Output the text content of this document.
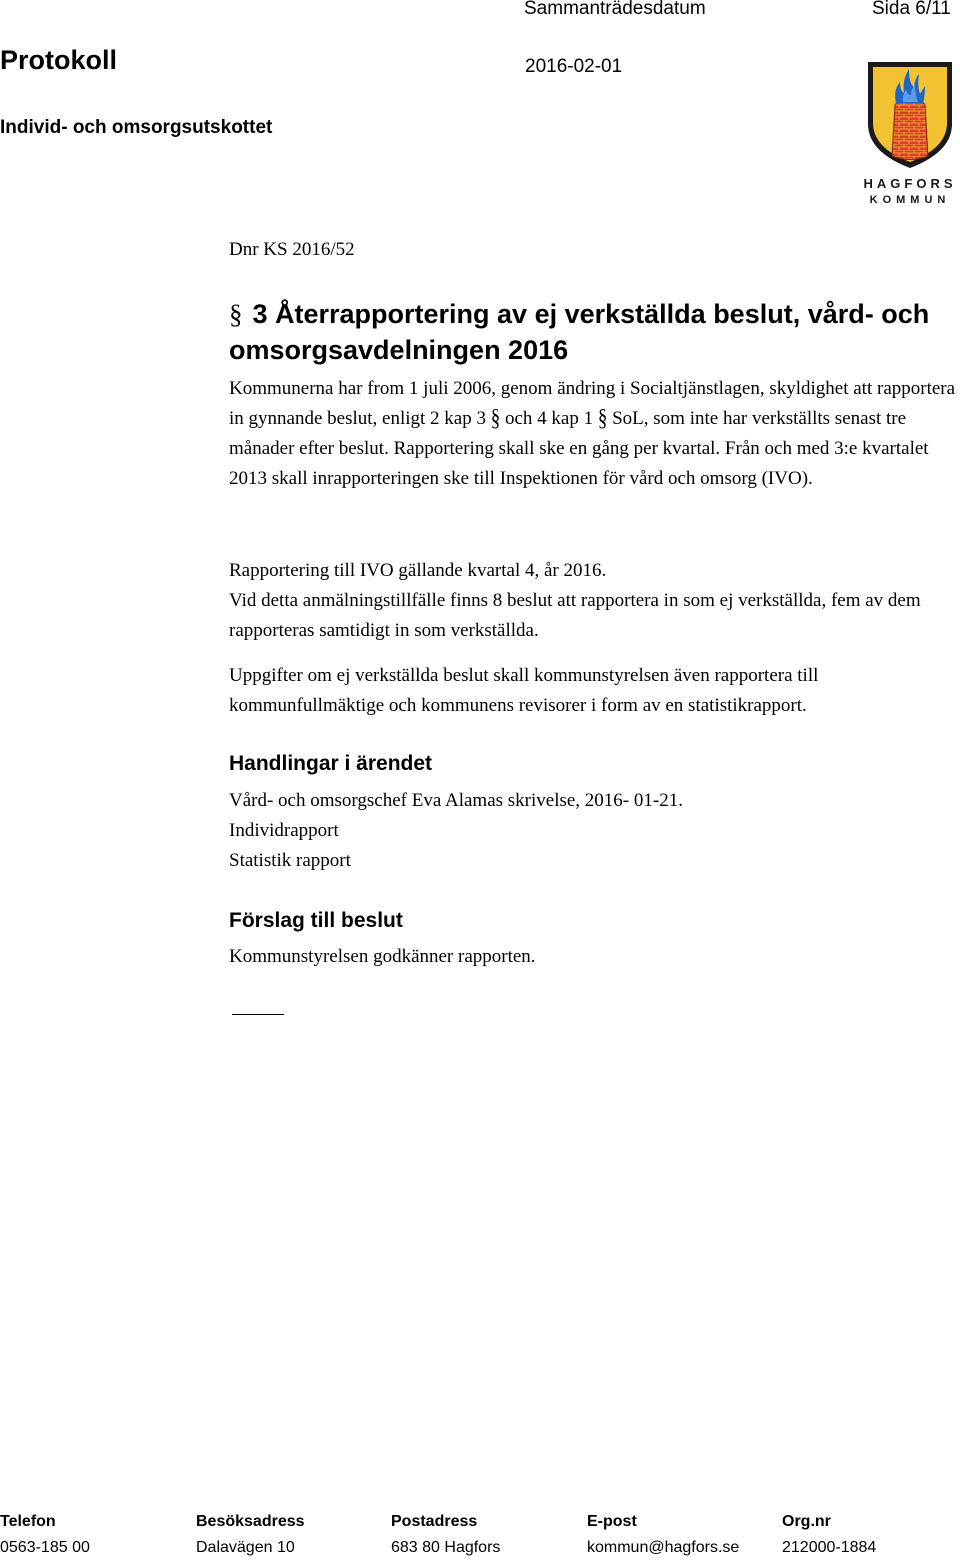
Sammanträdesdatum	Sida 6/11
Protokoll	2016-02-01
Individ- och omsorgsutskottet
HAGFORS
KOMMUN
Dnr KS 2016/52
§ 3 Återrapportering av ej verkställda beslut, vård- och omsorgsavdelningen 2016
Kommunerna har from 1 juli 2006, genom ändring i Socialtjänstlagen, skyldighet att rapportera in gynnande beslut, enligt 2 kap 3 § och 4 kap 1 § SoL, som inte har verkställts senast tre månader efter beslut. Rapportering skall ske en gång per kvartal. Från och med 3:e kvartalet 2013 skall inrapporteringen ske till Inspektionen för vård och omsorg (IVO).
Rapportering till IVO gällande kvartal 4, år 2016.
Vid detta anmälningstillfälle finns 8 beslut att rapportera in som ej verkställda, fem av dem rapporteras samtidigt in som verkställda.
Uppgifter om ej verkställda beslut skall kommunstyrelsen även rapportera till kommunfullmäktige och kommunens revisorer i form av en statistikrapport.
Handlingar i ärendet
Vård- och omsorgschef Eva Alamas skrivelse, 2016- 01-21.
Individrapport
Statistik rapport
Förslag till beslut
Kommunstyrelsen godkänner rapporten.
Telefon	Besöksadress	Postadress	E-post	Org.nr
0563-185 00	Dalavägen 10	683 80 Hagfors	kommun@hagfors.se	212000-1884
